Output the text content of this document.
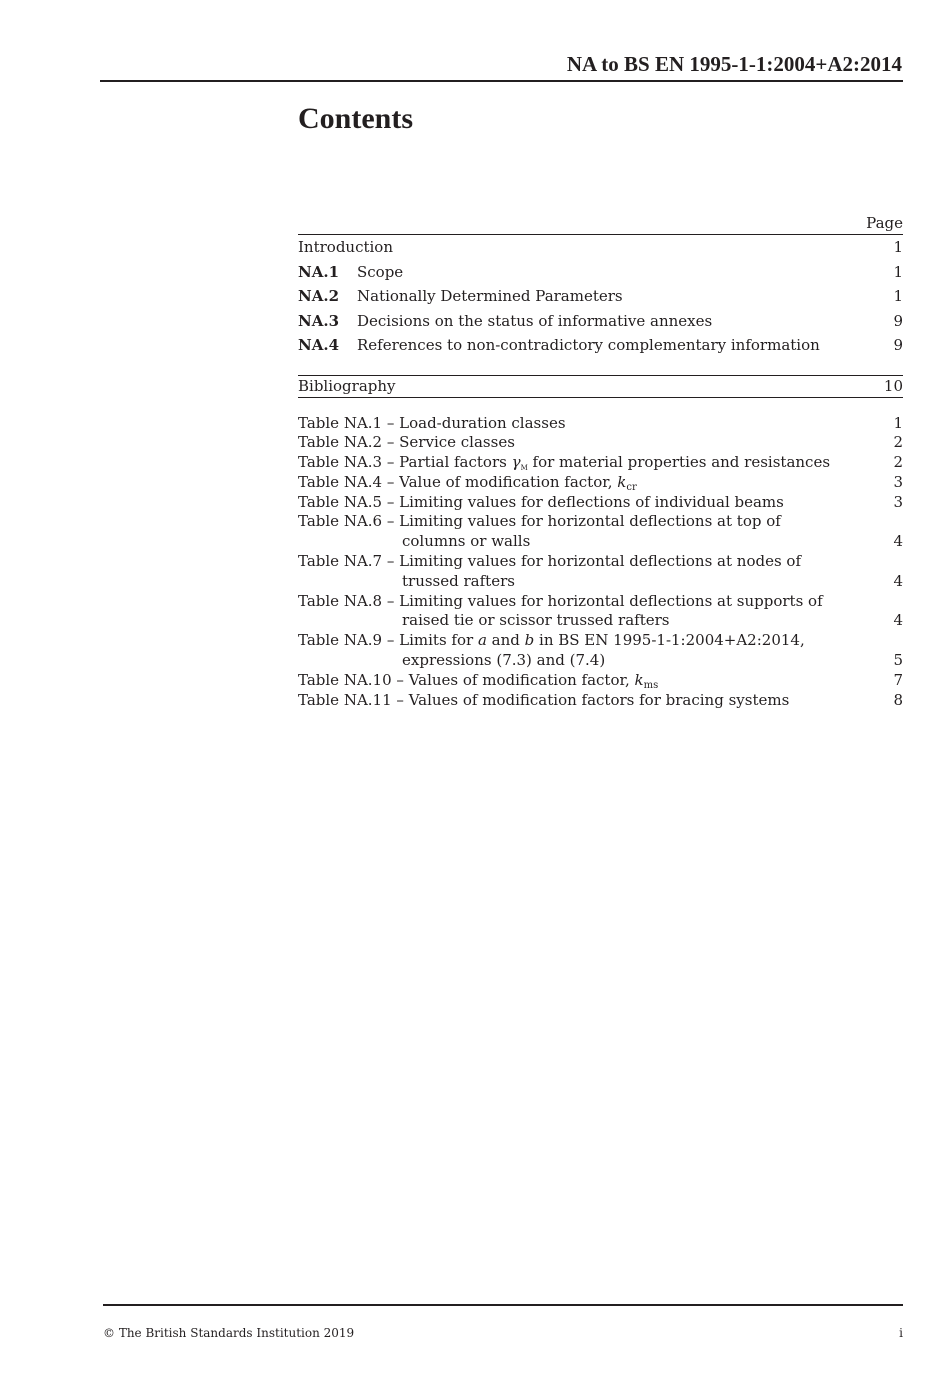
NA to BS EN 1995-1-1:2004+A2:2014
Contents
Page
Introduction	1
NA.1	Scope	1
NA.2	Nationally Determined Parameters	1
NA.3	Decisions on the status of informative annexes	9
NA.4	References to non-contradictory complementary information	9
Bibliography	10
Table NA.1 – Load-duration classes	1
Table NA.2 – Service classes	2
Table NA.3 – Partial factors $\gamma_M$ for material properties and resistances	2
Table NA.4 – Value of modification factor, $k_{cr}$	3
Table NA.5 – Limiting values for deflections of individual beams	3
Table NA.6 – Limiting values for horizontal deflections at top of
columns or walls	4
Table NA.7 – Limiting values for horizontal deflections at nodes of
trussed rafters	4
Table NA.8 – Limiting values for horizontal deflections at supports of
raised tie or scissor trussed rafters	4
Table NA.9 – Limits for a and b in BS EN 1995-1-1:2004+A2:2014,
expressions (7.3) and (7.4)	5
Table NA.10 – Values of modification factor, $k_{ms}$	7
Table NA.11 – Values of modification factors for bracing systems	8
© The British Standards Institution 2019	i
